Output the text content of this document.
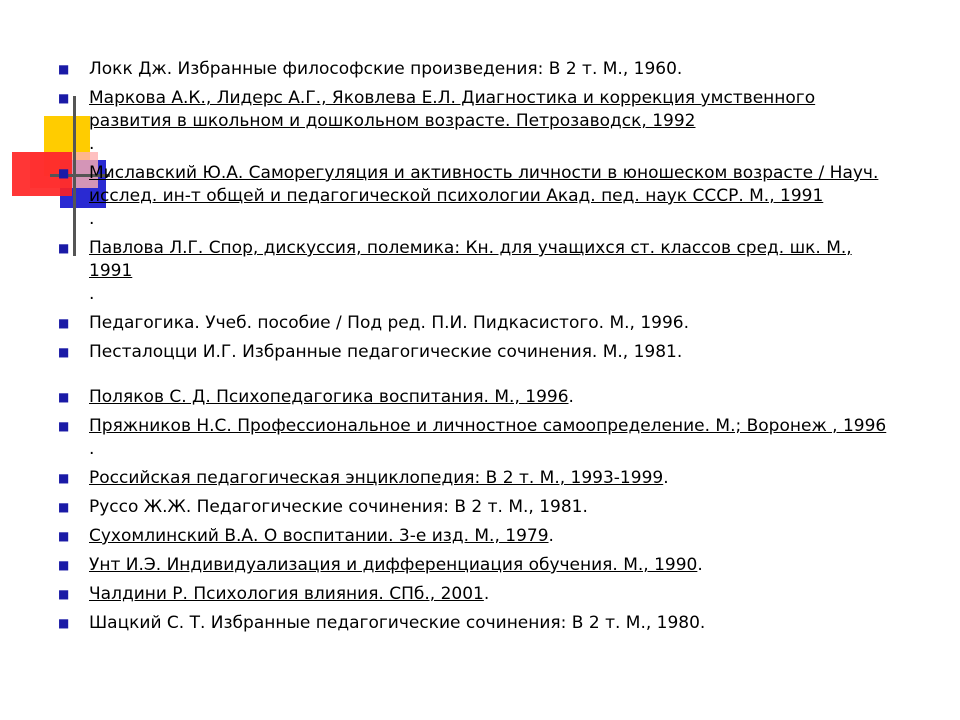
■ Локк Дж. Избранные философские произведения: В 2 т. М., 1960.
■ Маркова А.К., Лидерс А.Г., Яковлева Е.Л. Диагностика и коррекция умственного развития в школьном и дошкольном возрасте. Петрозаводск, 1992
.
■ Миславский Ю.А. Саморегуляция и активность личности в юношеском возрасте / Науч. исслед. ин-т общей и педагогической психологии Акад. пед. наук СССР. М., 1991
.
■ Павлова Л.Г. Спор, дискуссия, полемика: Кн. для учащихся ст. классов сред. шк. М., 1991
.
■ Педагогика. Учеб. пособие / Под ред. П.И. Пидкасистого. М., 1996.
■ Песталоцци И.Г. Избранные педагогические сочинения. М., 1981.
■ Поляков С. Д. Психопедагогика воспитания. М., 1996.
■ Пряжников Н.С. Профессиональное и личностное самоопределение. М.; Воронеж , 1996
.
■ Российская педагогическая энциклопедия: В 2 т. М., 1993-1999.
■ Руссо Ж.Ж. Педагогические сочинения: В 2 т. М., 1981.
■ Сухомлинский В.А. О воспитании. 3-е изд. М., 1979.
■ Унт И.Э. Индивидуализация и дифференциация обучения. М., 1990.
■ Чалдини Р. Психология влияния. СПб., 2001.
■ Шацкий С. Т. Избранные педагогические сочинения: В 2 т. М., 1980.
